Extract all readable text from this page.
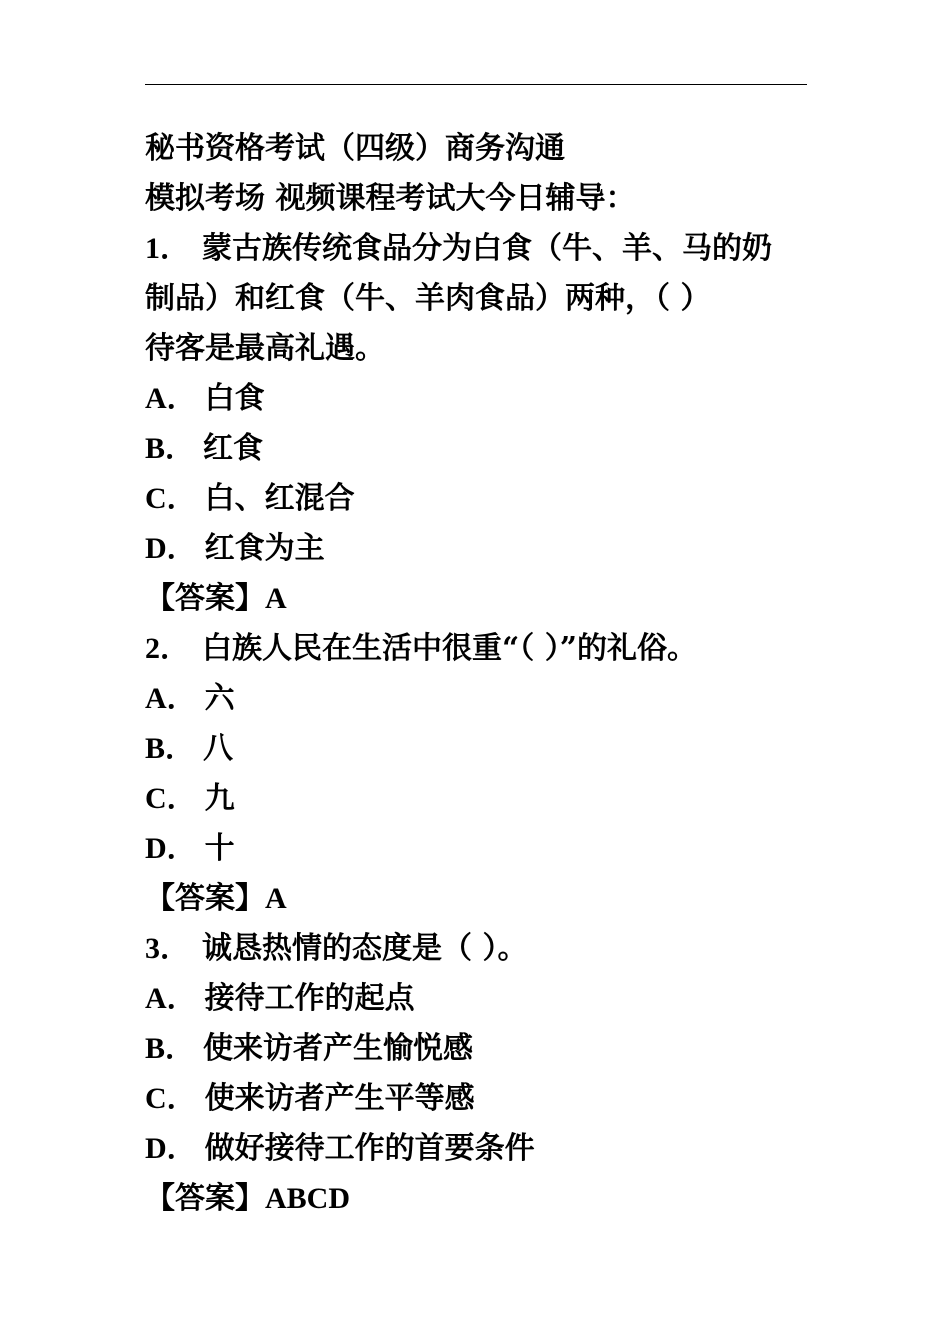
秘书资格考试（四级）商务沟通
模拟考场 视频课程考试大今日辅导：
1． 蒙古族传统食品分为白食（牛、羊、马的奶
制品）和红食（牛、羊肉食品）两种，（ ）
待客是最高礼遇。
A． 白食
B． 红食
C． 白、红混合
D． 红食为主
【答案】A
2． 白族人民在生活中很重“（ ）”的礼俗。
A． 六
B． 八
C． 九
D． 十
【答案】A
3． 诚恳热情的态度是（ ）。
A． 接待工作的起点
B． 使来访者产生愉悦感
C． 使来访者产生平等感
D． 做好接待工作的首要条件
【答案】ABCD
